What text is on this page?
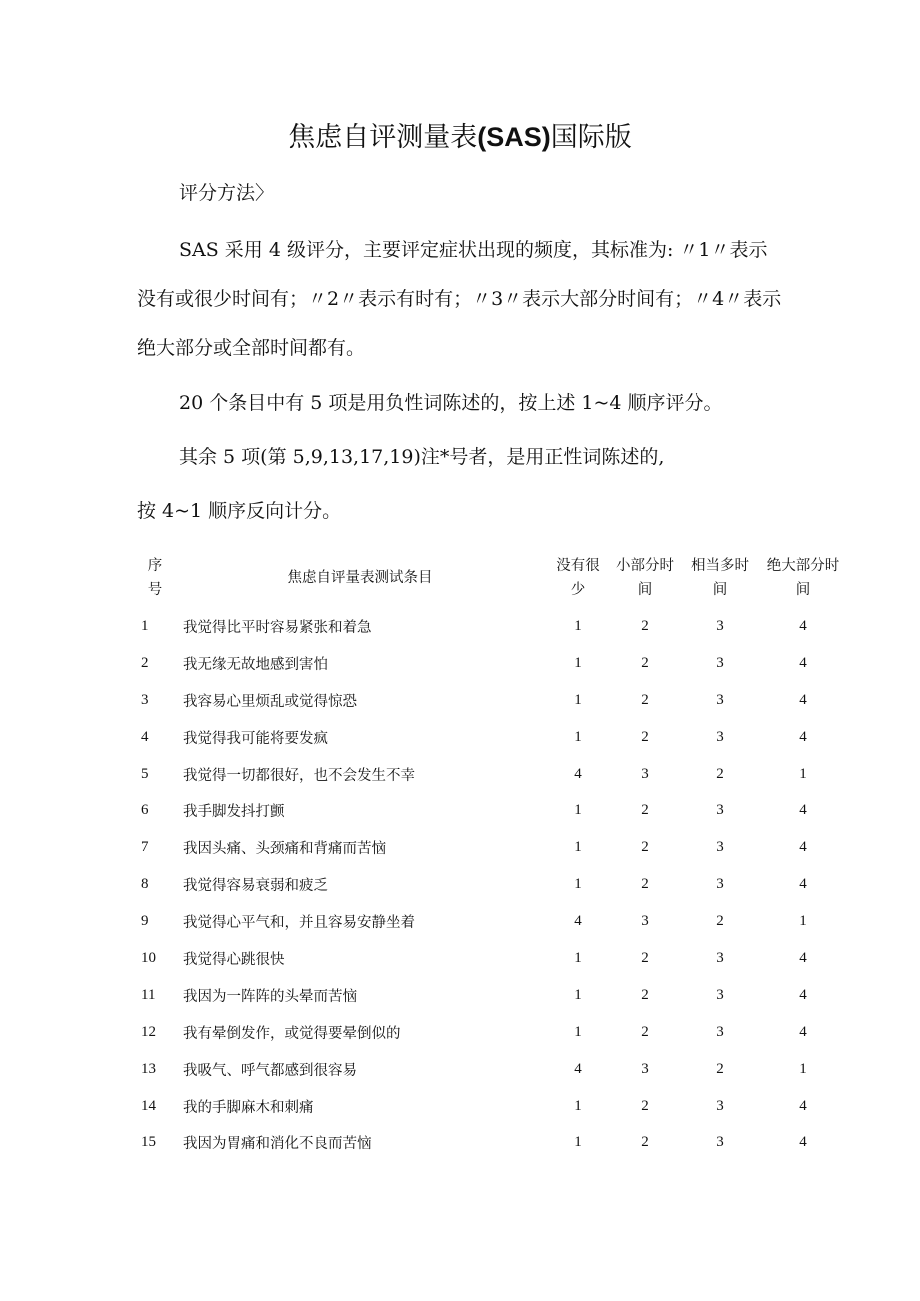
焦虑自评测量表(SAS)国际版

评分方法〉

SAS 采用 4 级评分，主要评定症状出现的频度，其标准为: 〃1〃表示

没有或很少时间有；〃2〃表示有时有；〃3〃表示大部分时间有；〃4〃表示

绝大部分或全部时间都有。

20 个条目中有 5 项是用负性词陈述的，按上述 1~4 顺序评分。

其余 5 项(第 5,9,13,17,19)注*号者，是用正性词陈述的,

按 4~1 顺序反向计分。

序号	焦虑自评量表测试条目	没有很少	小部分时间	相当多时间	绝大部分时间
1	我觉得比平时容易紧张和着急	1	2	3	4
2	我无缘无故地感到害怕	1	2	3	4
3	我容易心里烦乱或觉得惊恐	1	2	3	4
4	我觉得我可能将要发疯	1	2	3	4
5	我觉得一切都很好，也不会发生不幸	4	3	2	1
6	我手脚发抖打颤	1	2	3	4
7	我因头痛、头颈痛和背痛而苦恼	1	2	3	4
8	我觉得容易衰弱和疲乏	1	2	3	4
9	我觉得心平气和，并且容易安静坐着	4	3	2	1
10	我觉得心跳很快	1	2	3	4
11	我因为一阵阵的头晕而苦恼	1	2	3	4
12	我有晕倒发作，或觉得要晕倒似的	1	2	3	4
13	我吸气、呼气都感到很容易	4	3	2	1
14	我的手脚麻木和刺痛	1	2	3	4
15	我因为胃痛和消化不良而苦恼	1	2	3	4
